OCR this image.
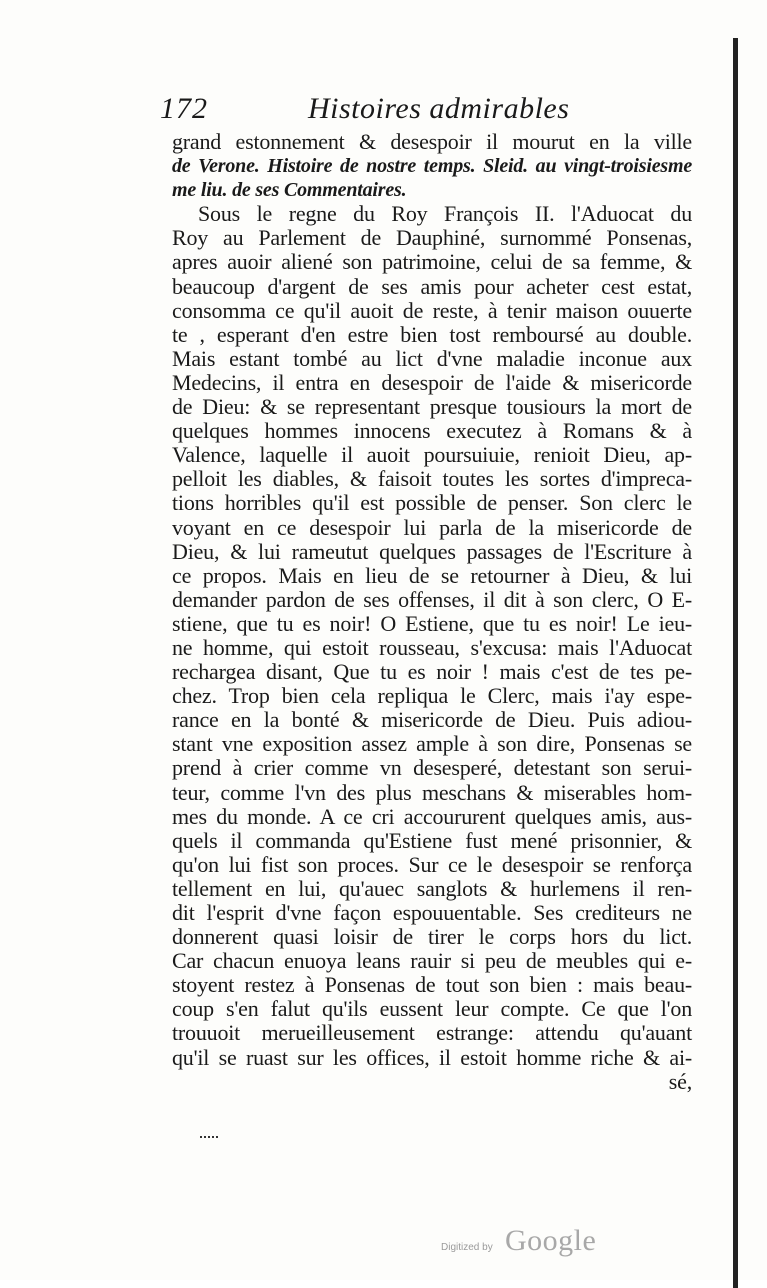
172	Histoires admirables
grand estonnement & desespoir il mourut en la ville
de Verone. Histoire de nostre temps. Sleid. au vingt-troisiesme
me liu. de ses Commentaires.
Sous le regne du Roy François II. l'Aduocat du
Roy au Parlement de Dauphiné, surnommé Ponsenas,
apres auoir aliené son patrimoine, celui de sa femme, &
beaucoup d'argent de ses amis pour acheter cest estat,
consomma ce qu'il auoit de reste, à tenir maison ouuerte
te , esperant d'en estre bien tost remboursé au double.
Mais estant tombé au lict d'vne maladie inconue aux
Medecins, il entra en desespoir de l'aide & misericorde
de Dieu: & se representant presque tousiours la mort de
quelques hommes innocens executez à Romans & à
Valence, laquelle il auoit poursuiuie, renioit Dieu, ap-
pelloit les diables, & faisoit toutes les sortes d'impreca-
tions horribles qu'il est possible de penser. Son clerc le
voyant en ce desespoir lui parla de la misericorde de
Dieu, & lui rameutut quelques passages de l'Escriture à
ce propos. Mais en lieu de se retourner à Dieu, & lui
demander pardon de ses offenses, il dit à son clerc, O E-
stiene, que tu es noir! O Estiene, que tu es noir! Le ieu-
ne homme, qui estoit rousseau, s'excusa: mais l'Aduocat
rechargea disant, Que tu es noir ! mais c'est de tes pe-
chez. Trop bien cela repliqua le Clerc, mais i'ay espe-
rance en la bonté & misericorde de Dieu. Puis adiou-
stant vne exposition assez ample à son dire, Ponsenas se
prend à crier comme vn desesperé, detestant son serui-
teur, comme l'vn des plus meschans & miserables hom-
mes du monde. A ce cri accoururent quelques amis, aus-
quels il commanda qu'Estiene fust mené prisonnier, &
qu'on lui fist son proces. Sur ce le desespoir se renforça
tellement en lui, qu'auec sanglots & hurlemens il ren-
dit l'esprit d'vne façon espouuentable. Ses crediteurs ne
donnerent quasi loisir de tirer le corps hors du lict.
Car chacun enuoya leans rauir si peu de meubles qui e-
stoyent restez à Ponsenas de tout son bien : mais beau-
coup s'en falut qu'ils eussent leur compte. Ce que l'on
trouuoit merueilleusement estrange: attendu qu'auant
qu'il se ruast sur les offices, il estoit homme riche & ai-
sé,
Digitized by Google
